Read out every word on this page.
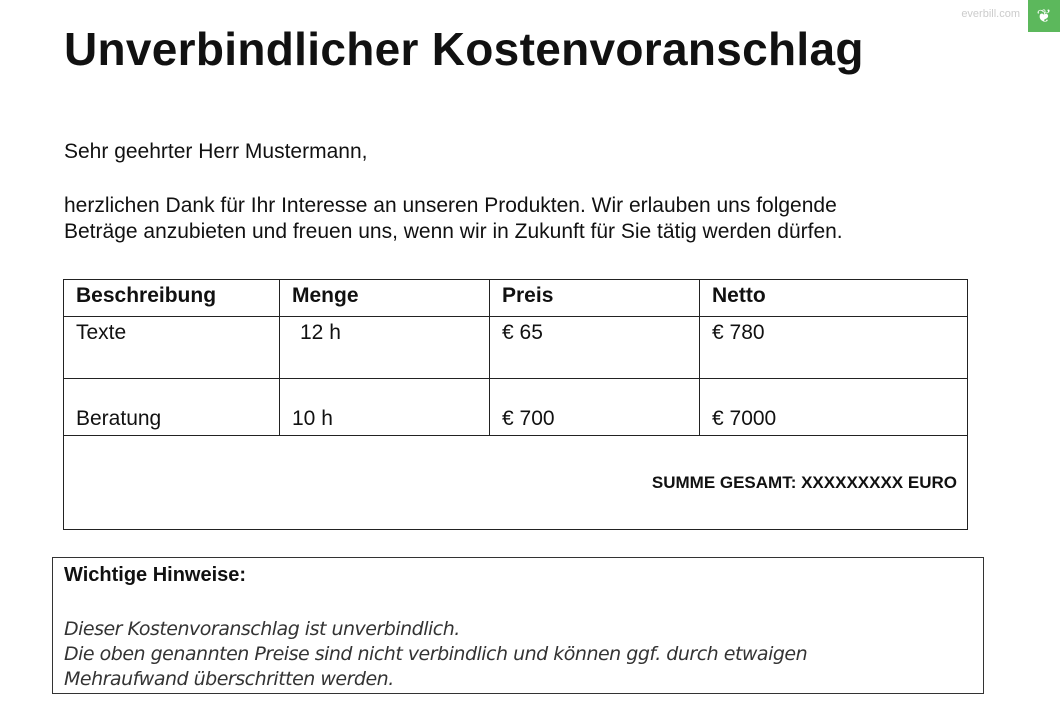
everbill.com ❦
Unverbindlicher Kostenvoranschlag
Sehr geehrter Herr Mustermann,
herzlichen Dank für Ihr Interesse an unseren Produkten. Wir erlauben uns folgende
Beträge anzubieten und freuen uns, wenn wir in Zukunft für Sie tätig werden dürfen.
Beschreibung	Menge	Preis	Netto
Texte	12 h	€ 65	€ 780
Beratung	10 h	€ 700	€ 7000
SUMME GESAMT: XXXXXXXXX EURO			
Wichtige Hinweise:
Dieser Kostenvoranschlag ist unverbindlich.
Die oben genannten Preise sind nicht verbindlich und können ggf. durch etwaigen
Mehraufwand überschritten werden.
